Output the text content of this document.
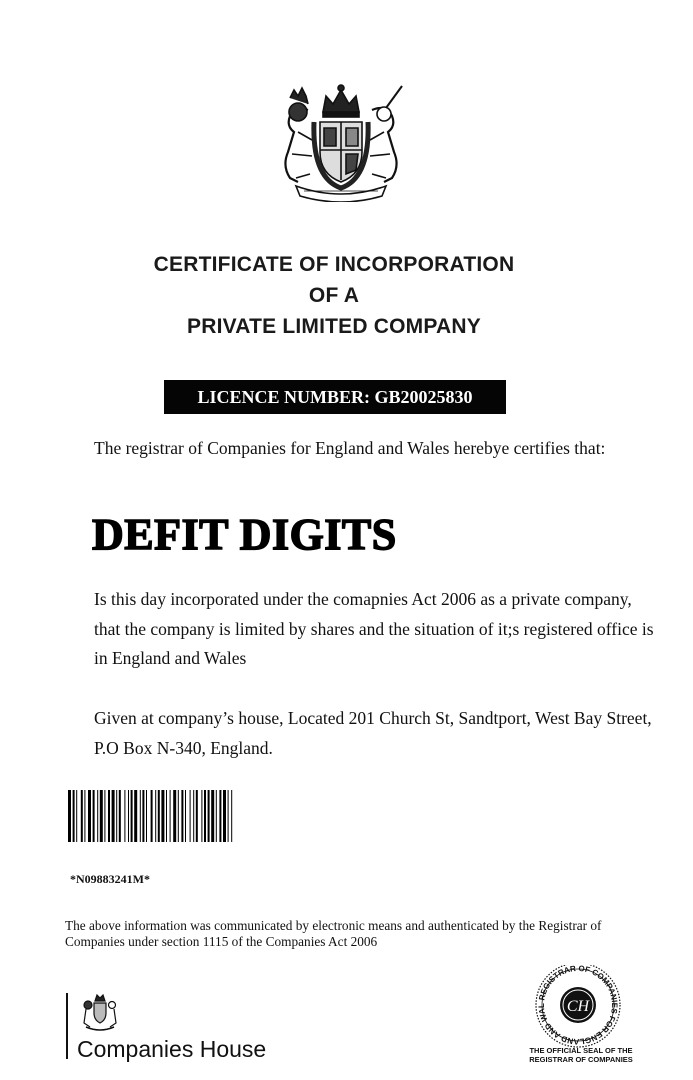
CERTIFICATE OF INCORPORATION
OF A
PRIVATE LIMITED COMPANY
LICENCE NUMBER: GB20025830
The registrar of Companies for England and Wales herebye certifies that:
DEFIT DIGITS
Is this day incorporated under the comapnies Act 2006 as a private company, that the company is limited by shares and the situation of it;s registered office is in England and Wales
Given at company’s house, Located 201 Church St, Sandtport, West Bay Street, P.O Box N-340, England.
*N09883241M*
The above information was communicated by electronic means and authenticated by the Registrar of Companies under section 1115 of the Companies Act 2006
Companies House
REGISTRAR OF COMPANIES FOR ENGLAND AND WAL	CH
THE OFFICIAL SEAL OF THE
REGISTRAR OF COMPANIES
